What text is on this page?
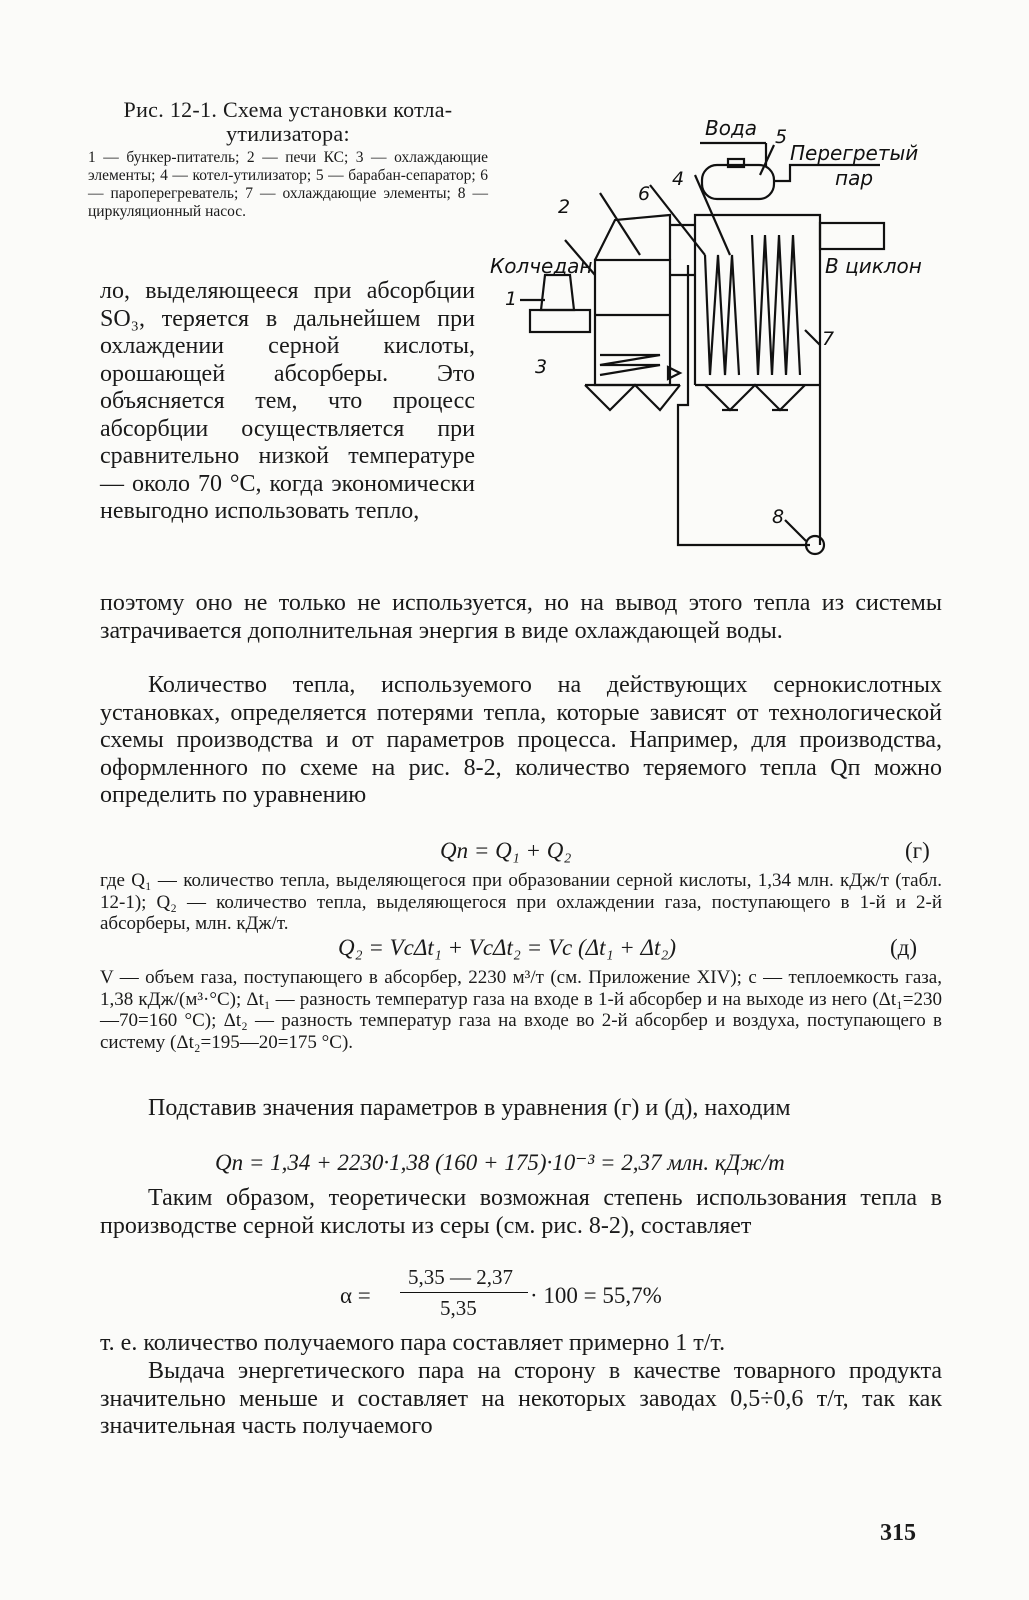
Рис. 12-1. Схема установки котла-утилизатора:
1 — бункер-питатель; 2 — печи КС; 3 — охлаждающие элементы; 4 — котел-утилизатор; 5 — барабан-сепаратор; 6 — пароперегреватель; 7 — охлаждающие элементы; 8 — циркуляционный насос.
Вода
Перегретый
пар
Колчедан	В циклон
1
2
3
4
5
6
7
8
ло, выделяющееся при абсорбции SO₃, теряется в дальнейшем при охлаждении серной кислоты, орошающей абсорберы. Это объясняется тем, что процесс абсорбции осуществляется при сравнительно низкой температуре — около 70 °С, когда экономически невыгодно использовать тепло,
поэтому оно не только не используется, но на вывод этого тепла из системы затрачивается дополнительная энергия в виде охлаждающей воды.
Количество тепла, используемого на действующих сернокислотных установках, определяется потерями тепла, которые зависят от технологической схемы производства и от параметров процесса. Например, для производства, оформленного по схеме на рис. 8-2, количество теряемого тепла Qп можно определить по уравнению
Qп = Q₁ + Q₂	(г)
где Q₁ — количество тепла, выделяющегося при образовании серной кислоты, 1,34 млн. кДж/т (табл. 12-1); Q₂ — количество тепла, выделяющегося при охлаждении газа, поступающего в 1-й и 2-й абсорберы, млн. кДж/т.
Q₂ = VcΔt₁ + VcΔt₂ = Vc (Δt₁ + Δt₂)	(д)
V — объем газа, поступающего в абсорбер, 2230 м³/т (см. Приложение XIV); c — теплоемкость газа, 1,38 кДж/(м³·°С); Δt₁ — разность температур газа на входе в 1-й абсорбер и на выходе из него (Δt₁=230—70=160 °С); Δt₂ — разность температур газа на входе во 2-й абсорбер и воздуха, поступающего в систему (Δt₂=195—20=175 °С).
Подставив значения параметров в уравнения (г) и (д), находим
Qп = 1,34 + 2230·1,38 (160 + 175)·10⁻³ = 2,37 млн. кДж/т
Таким образом, теоретически возможная степень использования тепла в производстве серной кислоты из серы (см. рис. 8-2), составляет
α =
5,35 — 2,37
5,35 · 100 = 55,7%
т. е. количество получаемого пара составляет примерно 1 т/т.
Выдача энергетического пара на сторону в качестве товарного продукта значительно меньше и составляет на некоторых заводах 0,5÷0,6 т/т, так как значительная часть получаемого
315
